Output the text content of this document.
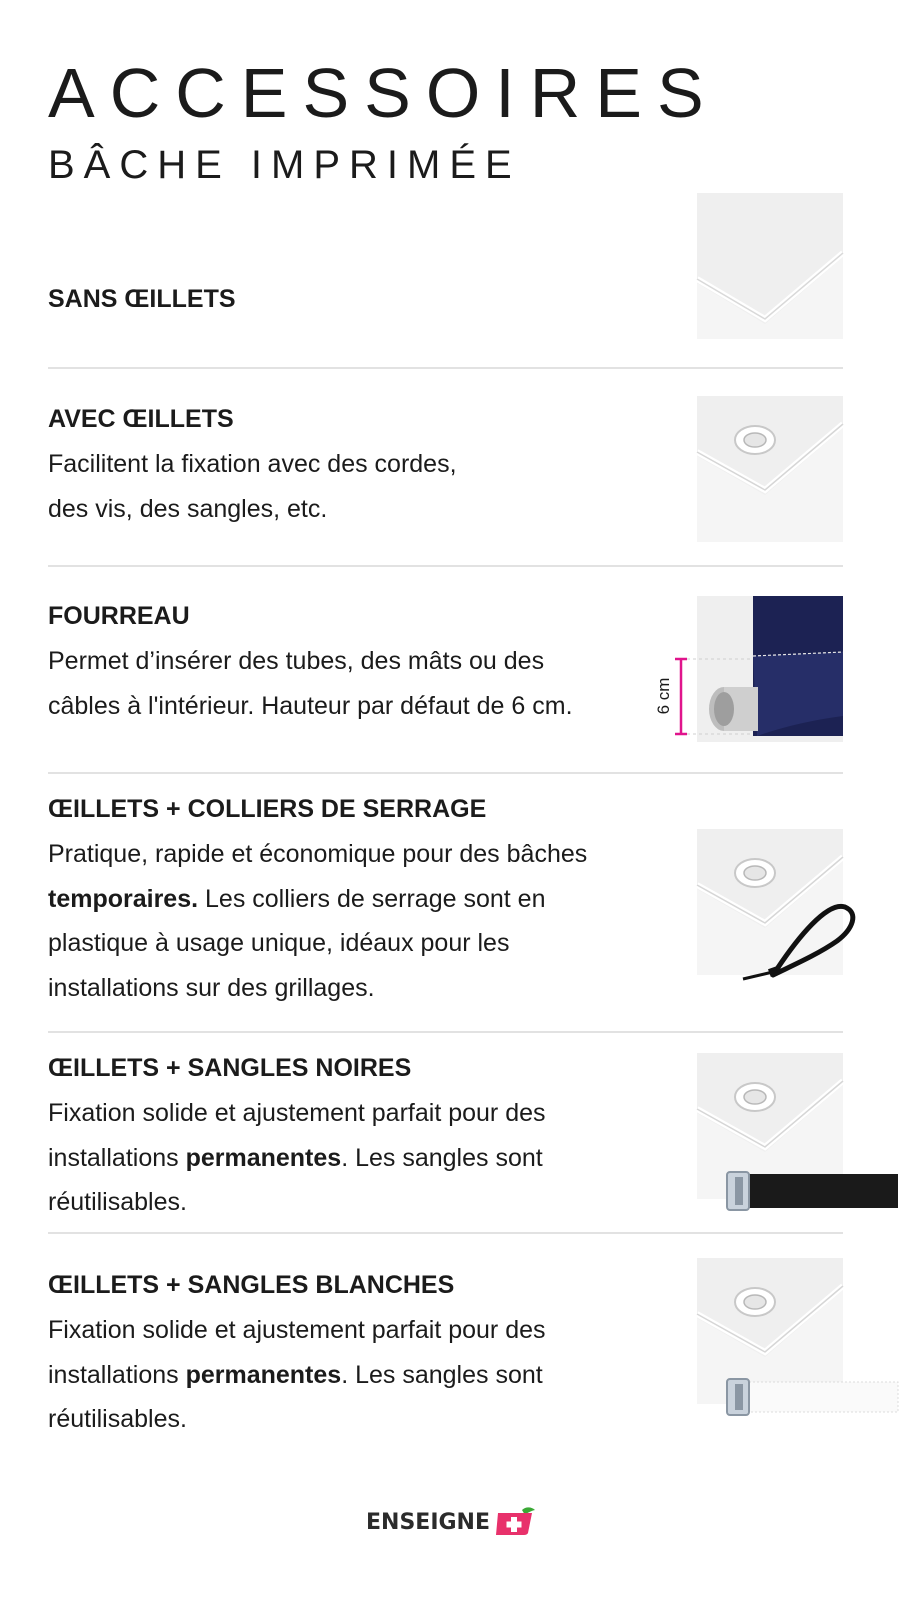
ACCESSOIRES
BÂCHE IMPRIMÉE
SANS ŒILLETS
AVEC ŒILLETS
Facilitent la fixation avec des cordes,
des vis, des sangles, etc.
FOURREAU
Permet d’insérer des tubes, des mâts ou des
câbles à l'intérieur. Hauteur par défaut de 6 cm.	6 cm
ŒILLETS + COLLIERS DE SERRAGE
Pratique, rapide et économique pour des bâches
temporaires. Les colliers de serrage sont en
plastique à usage unique, idéaux pour les
installations sur des grillages.
ŒILLETS + SANGLES NOIRES
Fixation solide et ajustement parfait pour des
installations permanentes. Les sangles sont
réutilisables.
ŒILLETS + SANGLES BLANCHES
Fixation solide et ajustement parfait pour des
installations permanentes. Les sangles sont
réutilisables.
ENSEIGNE
